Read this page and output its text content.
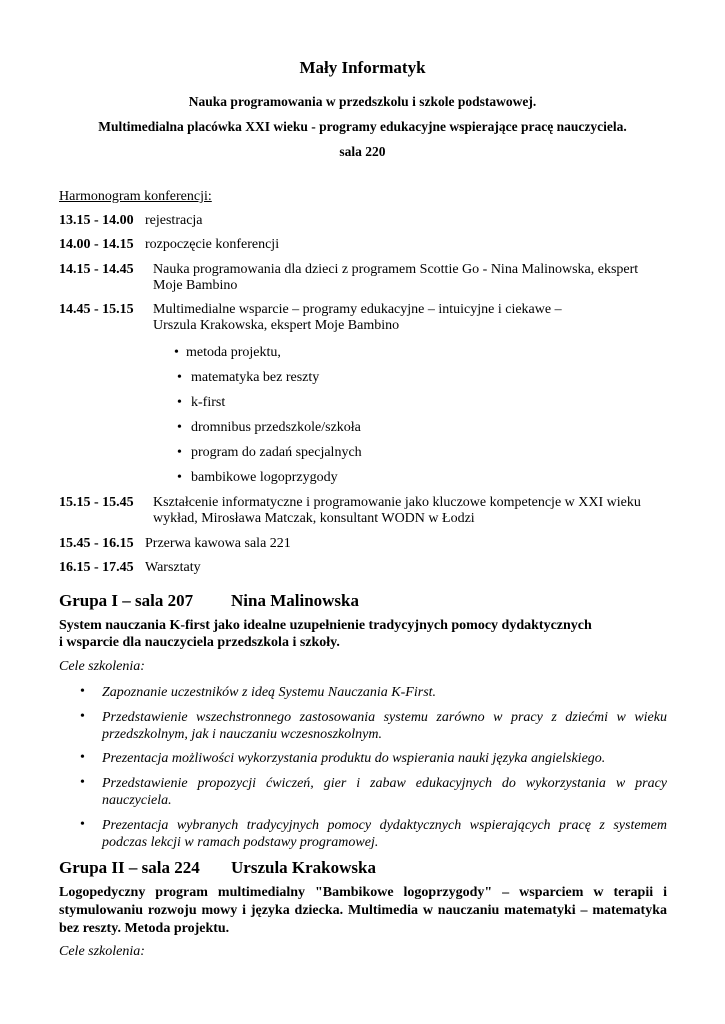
Mały Informatyk
Nauka programowania w przedszkolu i szkole podstawowej.
Multimedialna placówka XXI wieku - programy edukacyjne wspierające pracę nauczyciela.
sala 220
Harmonogram konferencji:
13.15 - 14.00 rejestracja
14.00 - 14.15 rozpoczęcie konferencji
14.15 - 14.45 Nauka programowania dla dzieci z programem Scottie Go - Nina Malinowska, ekspert
Moje Bambino
14.45 - 15.15 Multimedialne wsparcie – programy edukacyjne – intuicyjne i ciekawe –
Urszula Krakowska, ekspert Moje Bambino
• metoda projektu,
• matematyka bez reszty
• k-first
• dromnibus przedszkole/szkoła
• program do zadań specjalnych
• bambikowe logoprzygody
15.15 - 15.45 Kształcenie informatyczne i programowanie jako kluczowe kompetencje w XXI wieku
wykład, Mirosława Matczak, konsultant WODN w Łodzi
15.45 - 16.15 Przerwa kawowa sala 221
16.15 - 17.45 Warsztaty
Grupa I – sala 207 Nina Malinowska
System nauczania K-first jako idealne uzupełnienie tradycyjnych pomocy dydaktycznych
i wsparcie dla nauczyciela przedszkola i szkoły.
Cele szkolenia:
• Zapoznanie uczestników z ideą Systemu Nauczania K-First.
• Przedstawienie wszechstronnego zastosowania systemu zarówno w pracy z dziećmi w wieku przedszkolnym, jak i nauczaniu wczesnoszkolnym.
• Prezentacja możliwości wykorzystania produktu do wspierania nauki języka angielskiego.
• Przedstawienie propozycji ćwiczeń, gier i zabaw edukacyjnych do wykorzystania w pracy nauczyciela.
• Prezentacja wybranych tradycyjnych pomocy dydaktycznych wspierających pracę z systemem podczas lekcji w ramach podstawy programowej.
Grupa II – sala 224 Urszula Krakowska
Logopedyczny program multimedialny "Bambikowe logoprzygody" – wsparciem w terapii i stymulowaniu rozwoju mowy i języka dziecka. Multimedia w nauczaniu matematyki – matematyka bez reszty. Metoda projektu.
Cele szkolenia:
